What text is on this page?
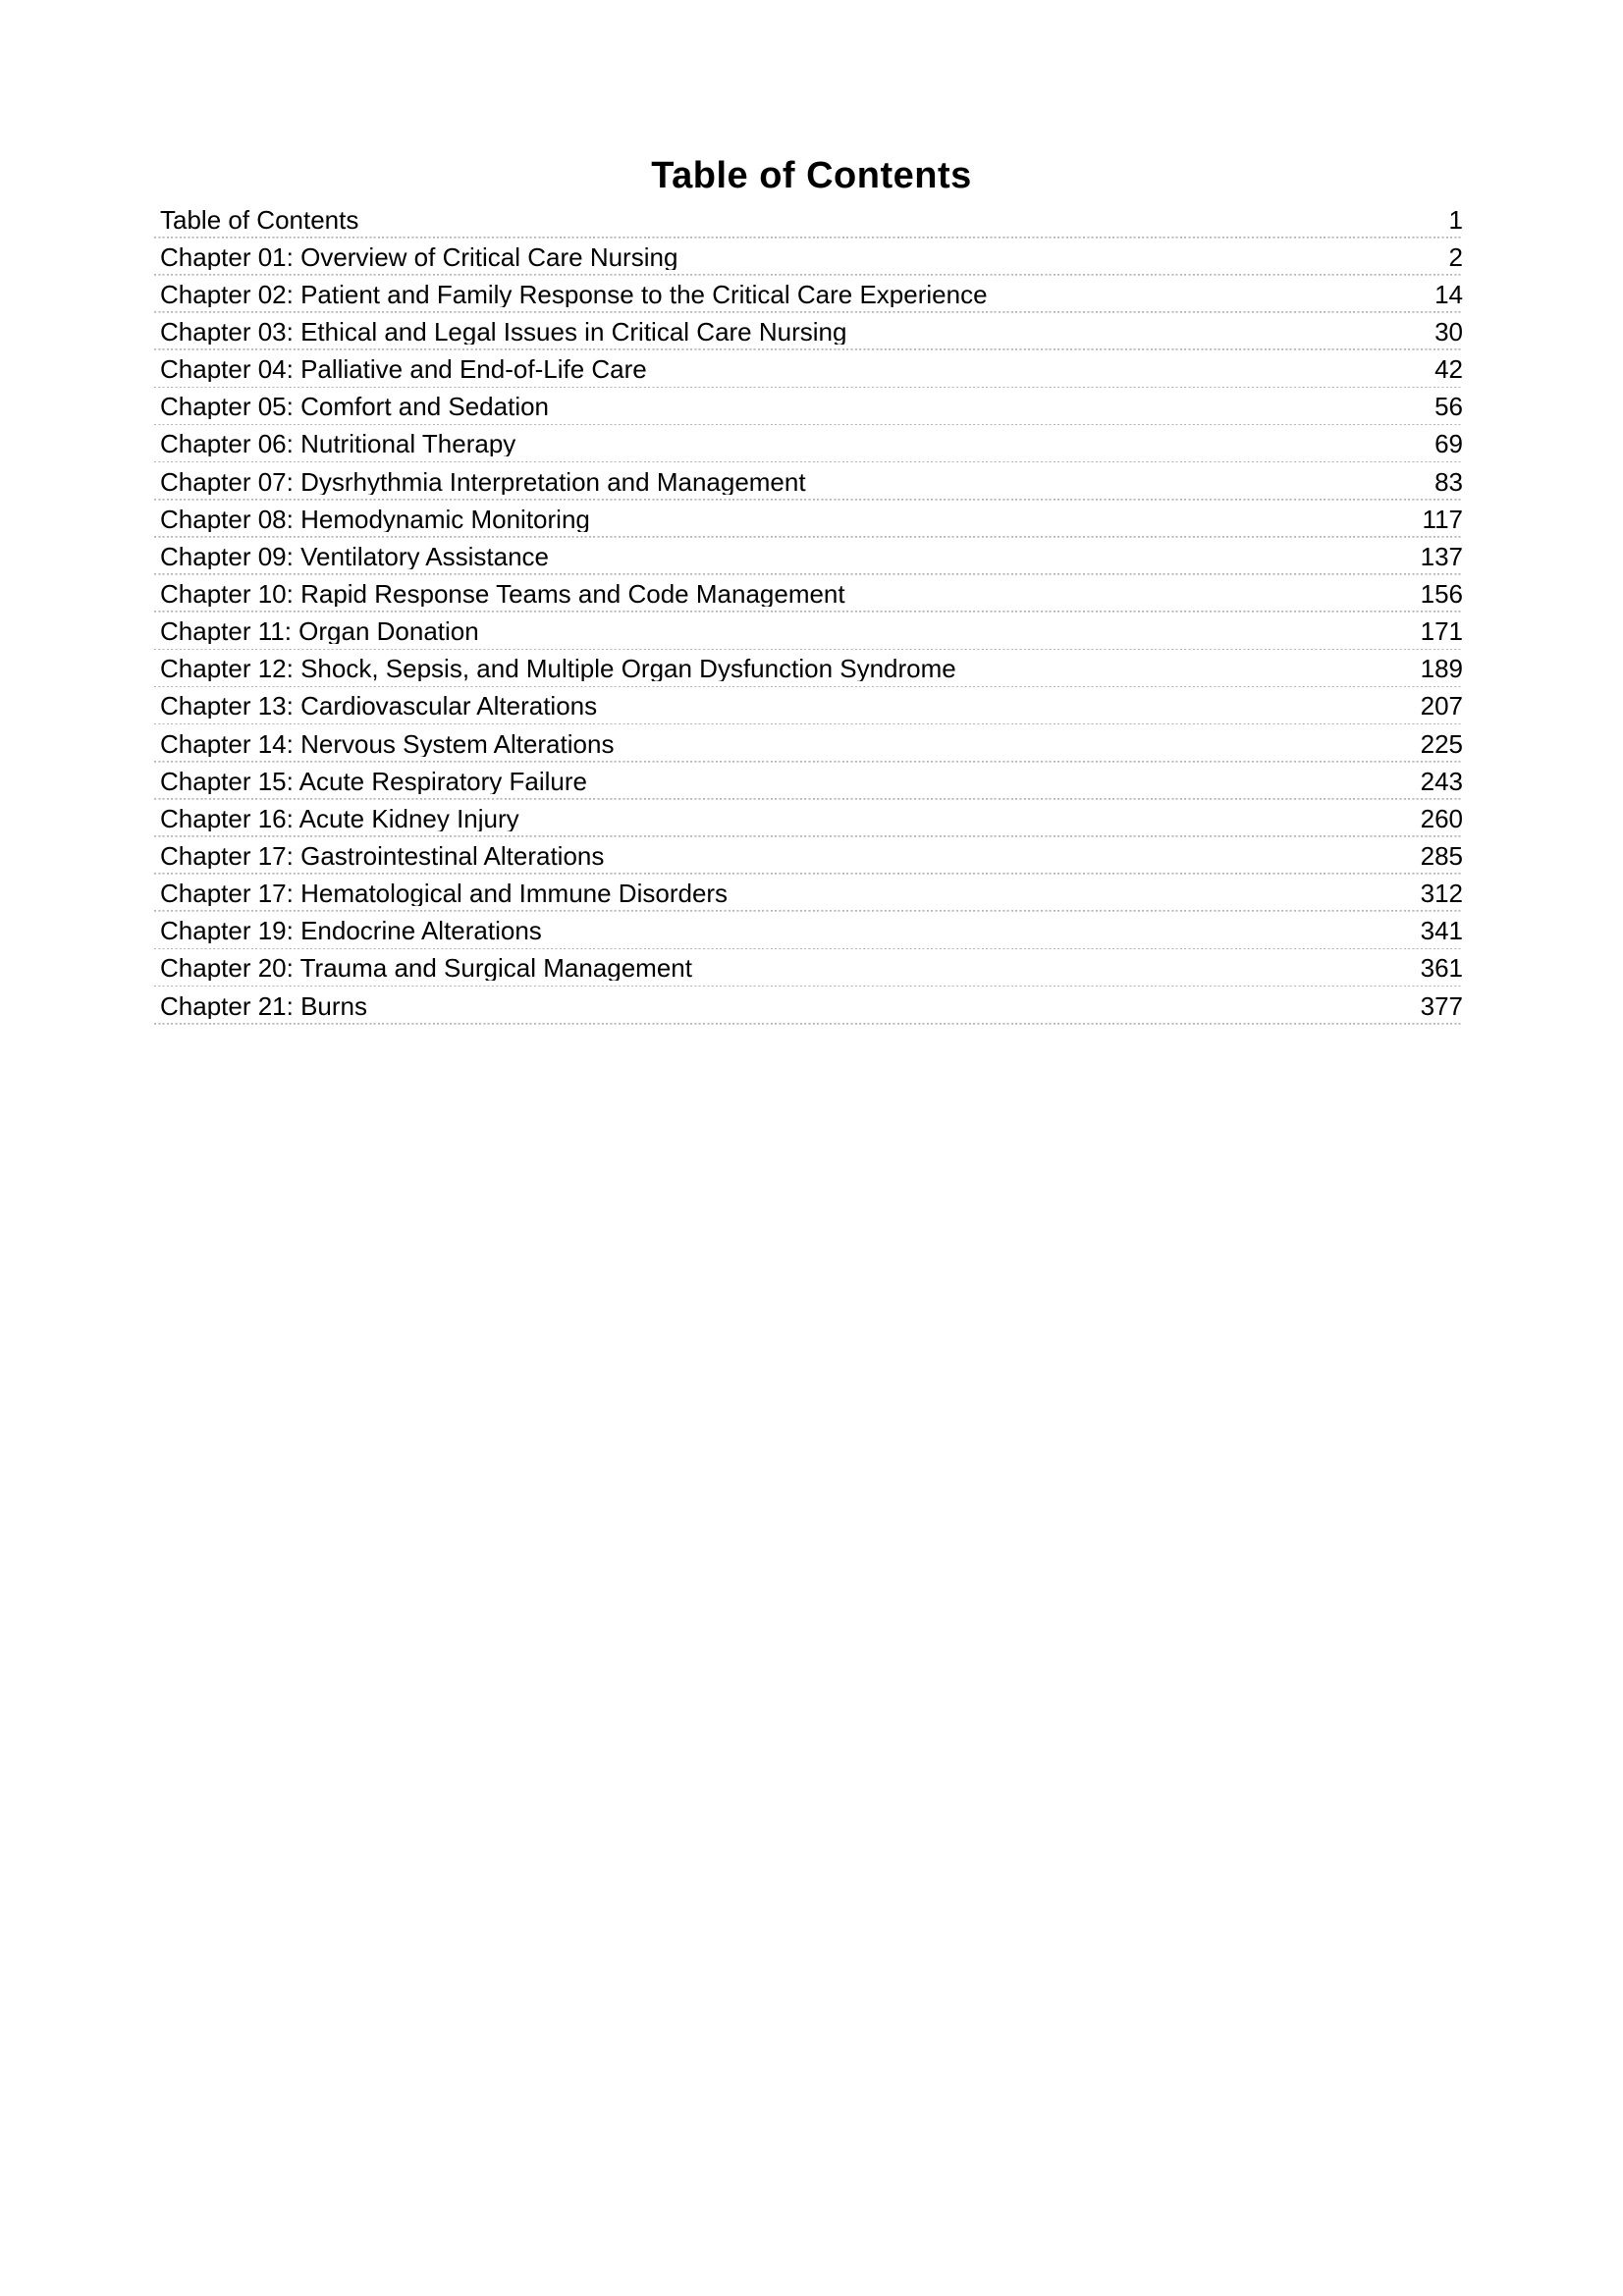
Table of Contents
Table of Contents	1
Chapter 01: Overview of Critical Care Nursing	2
Chapter 02: Patient and Family Response to the Critical Care Experience	14
Chapter 03: Ethical and Legal Issues in Critical Care Nursing	30
Chapter 04: Palliative and End-of-Life Care	42
Chapter 05: Comfort and Sedation	56
Chapter 06: Nutritional Therapy	69
Chapter 07: Dysrhythmia Interpretation and Management	83
Chapter 08: Hemodynamic Monitoring	117
Chapter 09: Ventilatory Assistance	137
Chapter 10: Rapid Response Teams and Code Management	156
Chapter 11: Organ Donation	171
Chapter 12: Shock, Sepsis, and Multiple Organ Dysfunction Syndrome	189
Chapter 13: Cardiovascular Alterations	207
Chapter 14: Nervous System Alterations	225
Chapter 15: Acute Respiratory Failure	243
Chapter 16: Acute Kidney Injury	260
Chapter 17: Gastrointestinal Alterations	285
Chapter 17: Hematological and Immune Disorders	312
Chapter 19: Endocrine Alterations	341
Chapter 20: Trauma and Surgical Management	361
Chapter 21: Burns	377
